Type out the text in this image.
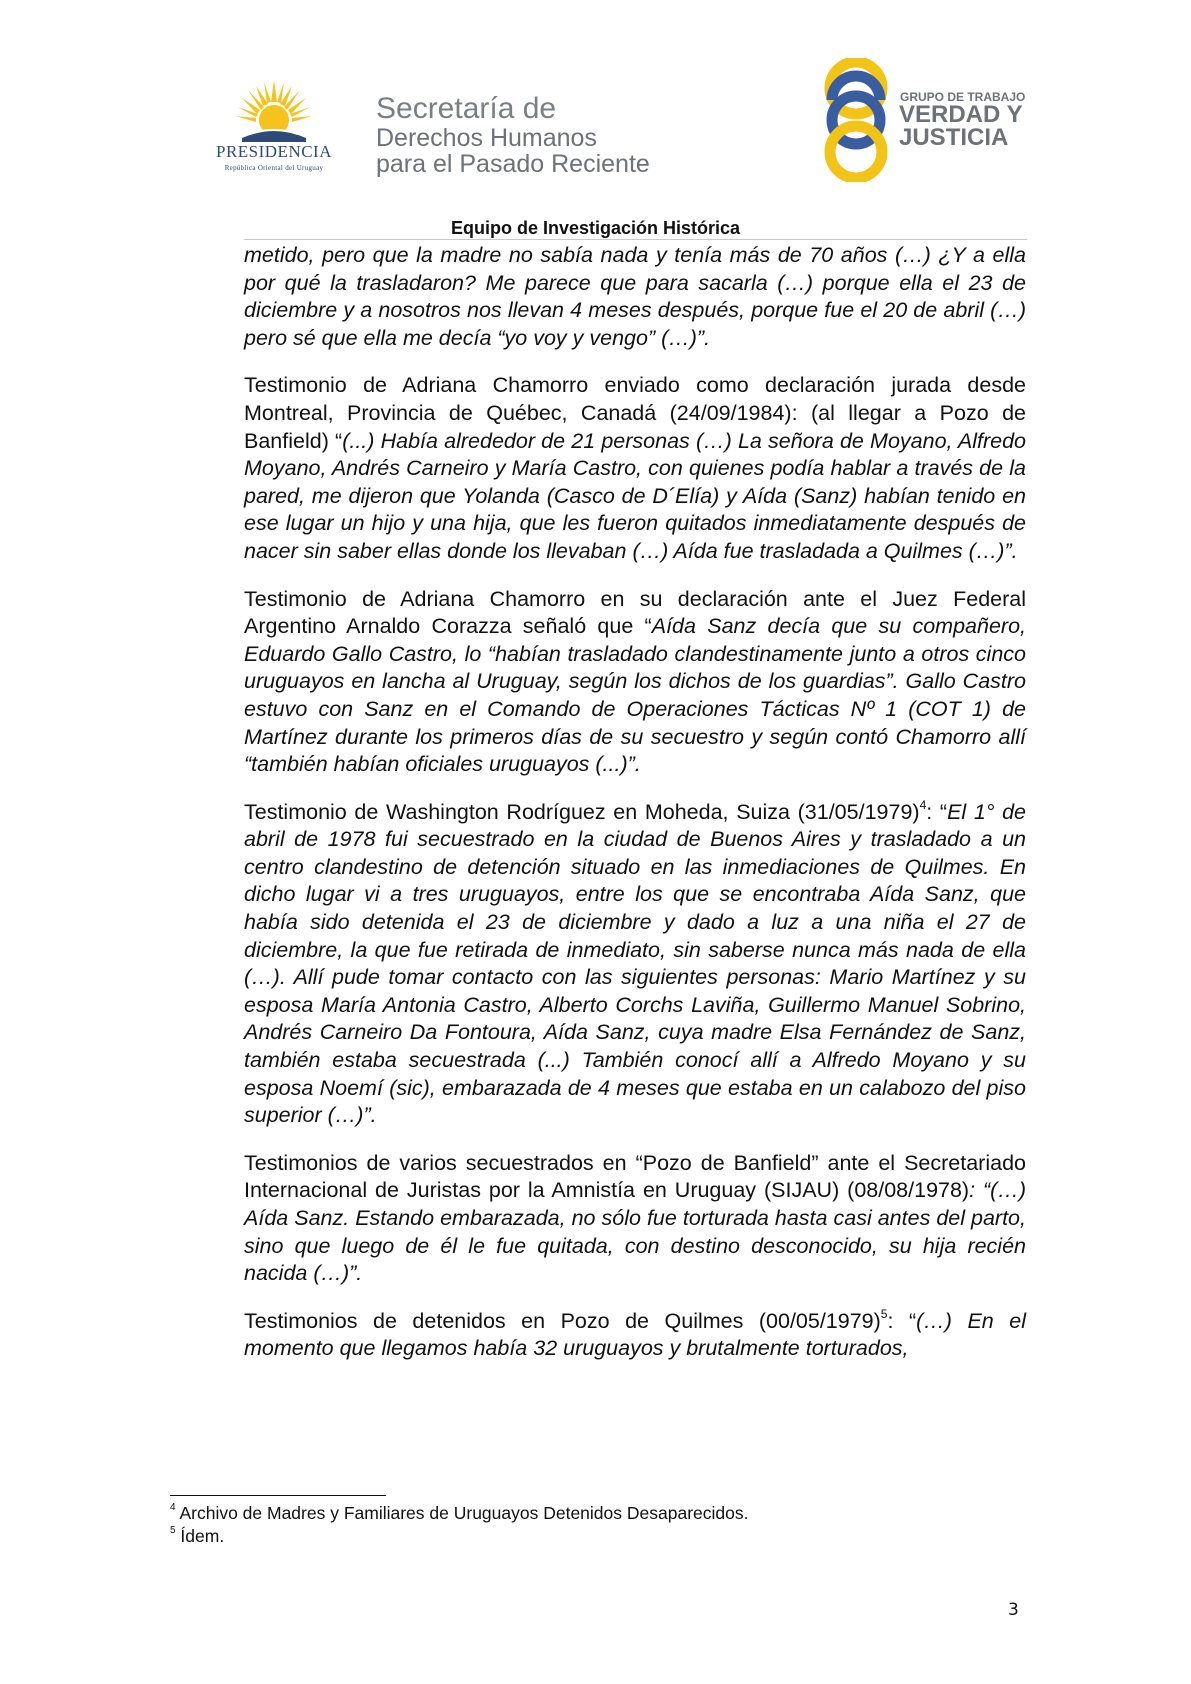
PRESIDENCIA
República Oriental del Uruguay
Secretaría de
Derechos Humanos
para el Pasado Reciente
GRUPO DE TRABAJO
VERDAD Y
JUSTICIA
Equipo de Investigación Histórica

metido, pero que la madre no sabía nada y tenía más de 70 años (…) ¿Y a ella por qué la trasladaron? Me parece que para sacarla (…) porque ella el 23 de diciembre y a nosotros nos llevan 4 meses después, porque fue el 20 de abril (…) pero sé que ella me decía “yo voy y vengo” (…)”.

Testimonio de Adriana Chamorro enviado como declaración jurada desde Montreal, Provincia de Québec, Canadá (24/09/1984): (al llegar a Pozo de Banfield) “(...) Había alrededor de 21 personas (…) La señora de Moyano, Alfredo Moyano, Andrés Carneiro y María Castro, con quienes podía hablar a través de la pared, me dijeron que Yolanda (Casco de D´Elía) y Aída (Sanz) habían tenido en ese lugar un hijo y una hija, que les fueron quitados inmediatamente después de nacer sin saber ellas donde los llevaban (…) Aída fue trasladada a Quilmes (…)”.

Testimonio de Adriana Chamorro en su declaración ante el Juez Federal Argentino Arnaldo Corazza señaló que “Aída Sanz decía que su compañero, Eduardo Gallo Castro, lo “habían trasladado clandestinamente junto a otros cinco uruguayos en lancha al Uruguay, según los dichos de los guardias”. Gallo Castro estuvo con Sanz en el Comando de Operaciones Tácticas Nº 1 (COT 1) de Martínez durante los primeros días de su secuestro y según contó Chamorro allí “también habían oficiales uruguayos (...)”.

Testimonio de Washington Rodríguez en Moheda, Suiza $(31/05/1979)^4$: “El 1° de abril de 1978 fui secuestrado en la ciudad de Buenos Aires y trasladado a un centro clandestino de detención situado en las inmediaciones de Quilmes. En dicho lugar vi a tres uruguayos, entre los que se encontraba Aída Sanz, que había sido detenida el 23 de diciembre y dado a luz a una niña el 27 de diciembre, la que fue retirada de inmediato, sin saberse nunca más nada de ella (…). Allí pude tomar contacto con las siguientes personas: Mario Martínez y su esposa María Antonia Castro, Alberto Corchs Laviña, Guillermo Manuel Sobrino, Andrés Carneiro Da Fontoura, Aída Sanz, cuya madre Elsa Fernández de Sanz, también estaba secuestrada (...) También conocí allí a Alfredo Moyano y su esposa Noemí (sic), embarazada de 4 meses que estaba en un calabozo del piso superior (…)”.

Testimonios de varios secuestrados en “Pozo de Banfield” ante el Secretariado Internacional de Juristas por la Amnistía en Uruguay (SIJAU) (08/08/1978): “(…) Aída Sanz. Estando embarazada, no sólo fue torturada hasta casi antes del parto, sino que luego de él le fue quitada, con destino desconocido, su hija recién nacida (…)”.

Testimonios de detenidos en Pozo de Quilmes $(00/05/1979)^5$: “(…) En el momento que llegamos había 32 uruguayos y brutalmente torturados,

$^4$ Archivo de Madres y Familiares de Uruguayos Detenidos Desaparecidos.
$^5$ Ídem.
3
